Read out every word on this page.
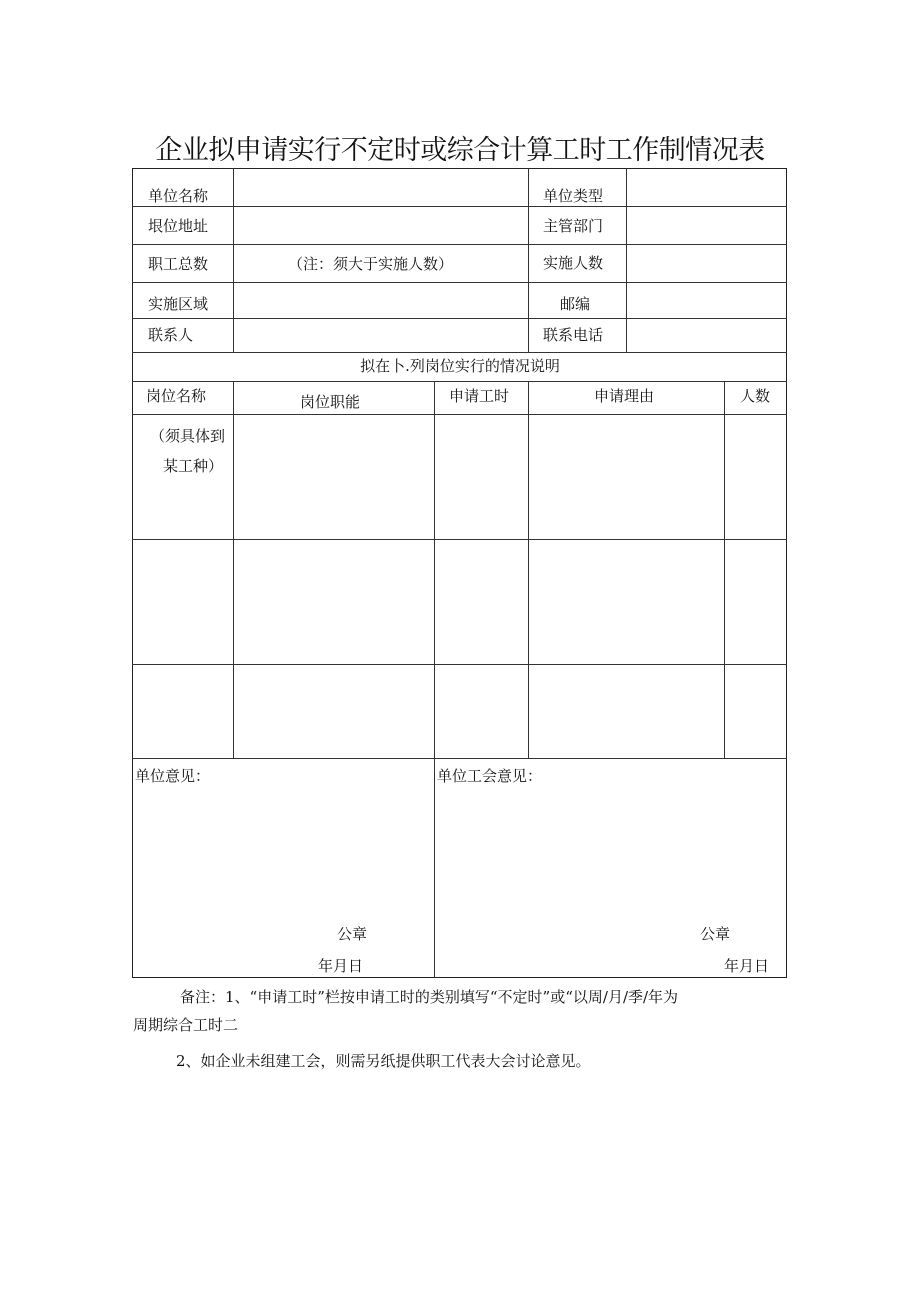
企业拟申请实行不定时或综合计算工时工作制情况表
单位名称	单位类型
垠位地址	主管部门
职工总数	（注：须大于实施人数）	实施人数
实施区域	邮编
联系人	联系电话
拟在卜.列岗位实行的情况说明
岗位名称	岗位职能	申请工时	申请理由	人数
（须具体到
某工种）
单位意见：	单位工会意见：
公章
年月日
公章
年月日
备注：1、“申请工时”栏按申请工时的类别填写“不定时”或“以周/月/季/年为
周期综合工时二
2、如企业未组建工会，则需另纸提供职工代表大会讨论意见。
